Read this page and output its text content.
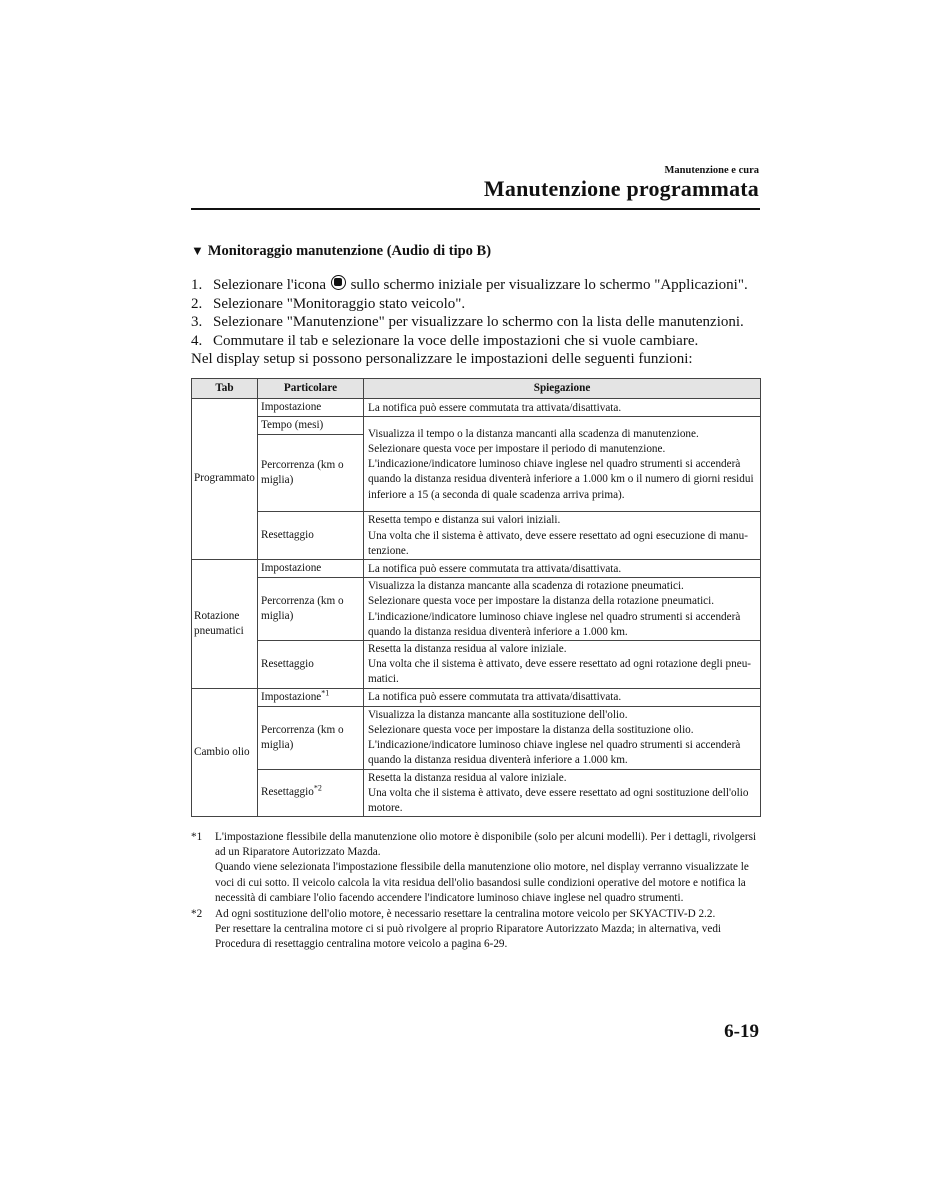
Manutenzione e cura
Manutenzione programmata
▼ Monitoraggio manutenzione (Audio di tipo B)
1. Selezionare l'icona  sullo schermo iniziale per visualizzare lo schermo "Applicazioni".
2. Selezionare "Monitoraggio stato veicolo".
3. Selezionare "Manutenzione" per visualizzare lo schermo con la lista delle manutenzioni.
4. Commutare il tab e selezionare la voce delle impostazioni che si vuole cambiare.
Nel display setup si possono personalizzare le impostazioni delle seguenti funzioni:
Tab	Particolare	Spiegazione
Programmato	Impostazione	La notifica può essere commutata tra attivata/disattivata.

	Tempo (mesi)	Visualizza il tempo o la distanza mancanti alla scadenza di manutenzione.
Selezionare questa voce per impostare il periodo di manutenzione.
L'indicazione/indicatore luminoso chiave inglese nel quadro strumenti si accenderà quando la distanza residua diventerà inferiore a 1.000 km o il numero di giorni residui inferiore a 15 (a seconda di quale scadenza arriva prima).

	Percorrenza (km o miglia)	
	Resettaggio	Resetta tempo e distanza sui valori iniziali.
Una volta che il sistema è attivato, deve essere resettato ad ogni esecuzione di manu-tenzione.

Rotazione pneumatici	Impostazione	La notifica può essere commutata tra attivata/disattivata.

	Percorrenza (km o miglia)	Visualizza la distanza mancante alla scadenza di rotazione pneumatici.
Selezionare questa voce per impostare la distanza della rotazione pneumatici.
L'indicazione/indicatore luminoso chiave inglese nel quadro strumenti si accenderà quando la distanza residua diventerà inferiore a 1.000 km.

	Resettaggio	Resetta la distanza residua al valore iniziale.
Una volta che il sistema è attivato, deve essere resettato ad ogni rotazione degli pneu-matici.

Cambio olio	Impostazione$^{*1}$	La notifica può essere commutata tra attivata/disattivata.

	Percorrenza (km o miglia)	Visualizza la distanza mancante alla sostituzione dell'olio.
Selezionare questa voce per impostare la distanza della sostituzione olio.
L'indicazione/indicatore luminoso chiave inglese nel quadro strumenti si accenderà quando la distanza residua diventerà inferiore a 1.000 km.

	Resettaggio$^{*2}$	Resetta la distanza residua al valore iniziale.
Una volta che il sistema è attivato, deve essere resettato ad ogni sostituzione dell'olio motore.
*1	L'impostazione flessibile della manutenzione olio motore è disponibile (solo per alcuni modelli). Per i dettagli, rivolgersi ad un Riparatore Autorizzato Mazda.
Quando viene selezionata l'impostazione flessibile della manutenzione olio motore, nel display verranno visualizzate le voci di cui sotto. Il veicolo calcola la vita residua dell'olio basandosi sulle condizioni operative del motore e notifica la necessità di cambiare l'olio facendo accendere l'indicatore luminoso chiave inglese nel quadro strumenti.
*2	Ad ogni sostituzione dell'olio motore, è necessario resettare la centralina motore veicolo per SKYACTIV-D 2.2.
Per resettare la centralina motore ci si può rivolgere al proprio Riparatore Autorizzato Mazda; in alternativa, vedi Procedura di resettaggio centralina motore veicolo a pagina 6-29.
6-19
